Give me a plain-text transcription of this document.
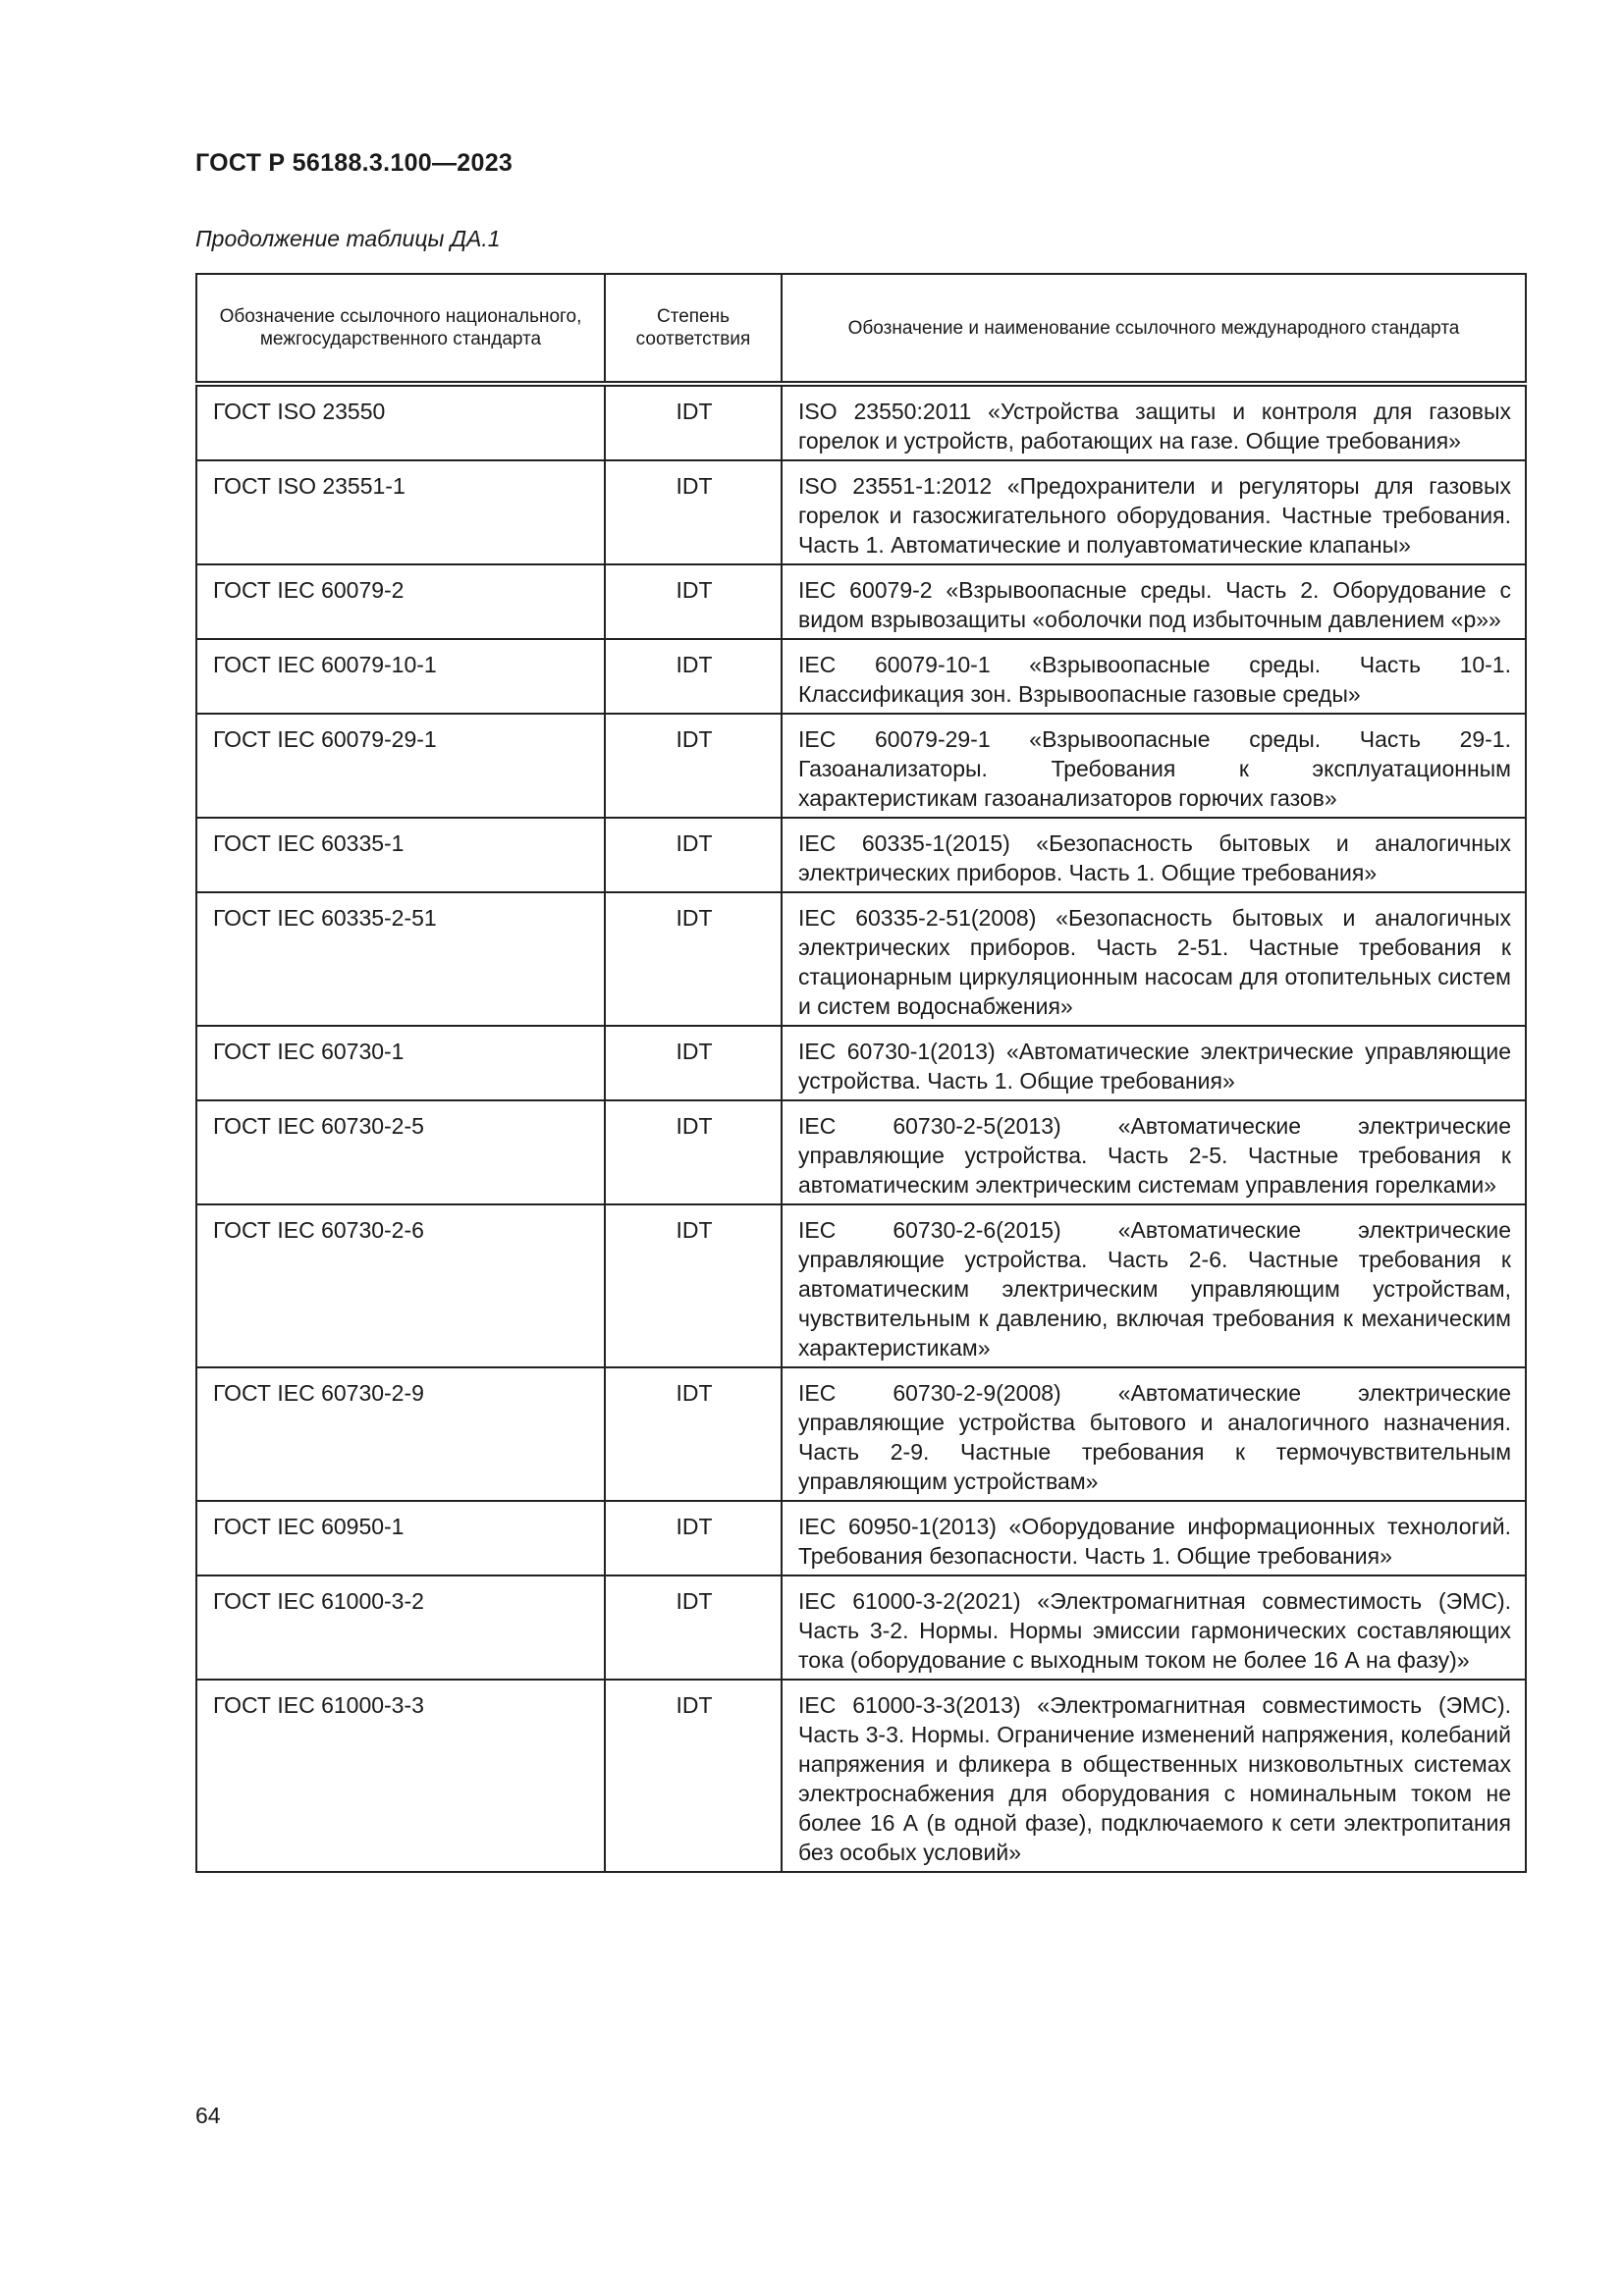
ГОСТ Р 56188.3.100—2023
Продолжение таблицы ДА.1
Обозначение ссылочного национального, межгосударственного стандарта	Степень соответствия	Обозначение и наименование ссылочного международного стандарта
ГОСТ ISO 23550	IDT	ISO 23550:2011 «Устройства защиты и контроля для газовых горелок и устройств, работающих на газе. Общие требования»
ГОСТ ISO 23551-1	IDT	ISO 23551-1:2012 «Предохранители и регуляторы для газовых горелок и газосжигательного оборудования. Частные требования. Часть 1. Автоматические и полуавтоматические клапаны»
ГОСТ IEC 60079-2	IDT	IEC 60079-2 «Взрывоопасные среды. Часть 2. Оборудование с видом взрывозащиты «оболочки под избыточным давлением «р»»
ГОСТ IEC 60079-10-1	IDT	IEC 60079-10-1 «Взрывоопасные среды. Часть 10-1. Классификация зон. Взрывоопасные газовые среды»
ГОСТ IEC 60079-29-1	IDT	IEC 60079-29-1 «Взрывоопасные среды. Часть 29-1. Газоанализаторы. Требования к эксплуатационным характеристикам газоанализаторов горючих газов»
ГОСТ IEC 60335-1	IDT	IEC 60335-1(2015) «Безопасность бытовых и аналогичных электрических приборов. Часть 1. Общие требования»
ГОСТ IEC 60335-2-51	IDT	IEC 60335-2-51(2008) «Безопасность бытовых и аналогичных электрических приборов. Часть 2-51. Частные требования к стационарным циркуляционным насосам для отопительных систем и систем водоснабжения»
ГОСТ IEC 60730-1	IDT	IEC 60730-1(2013) «Автоматические электрические управляющие устройства. Часть 1. Общие требования»
ГОСТ IEC 60730-2-5	IDT	IEC 60730-2-5(2013) «Автоматические электрические управляющие устройства. Часть 2-5. Частные требования к автоматическим электрическим системам управления горелками»
ГОСТ IEC 60730-2-6	IDT	IEC 60730-2-6(2015) «Автоматические электрические управляющие устройства. Часть 2-6. Частные требования к автоматическим электрическим управляющим устройствам, чувствительным к давлению, включая требования к механическим характеристикам»
ГОСТ IEC 60730-2-9	IDT	IEC 60730-2-9(2008) «Автоматические электрические управляющие устройства бытового и аналогичного назначения. Часть 2-9. Частные требования к термочувствительным управляющим устройствам»
ГОСТ IEC 60950-1	IDT	IEC 60950-1(2013) «Оборудование информационных технологий. Требования безопасности. Часть 1. Общие требования»
ГОСТ IEC 61000-3-2	IDT	IEC 61000-3-2(2021) «Электромагнитная совместимость (ЭМС). Часть 3-2. Нормы. Нормы эмиссии гармонических составляющих тока (оборудование с выходным током не более 16 А на фазу)»
ГОСТ IEC 61000-3-3	IDT	IEC 61000-3-3(2013) «Электромагнитная совместимость (ЭМС). Часть 3-3. Нормы. Ограничение изменений напряжения, колебаний напряжения и фликера в общественных низковольтных системах электроснабжения для оборудования с номинальным током не более 16 А (в одной фазе), подключаемого к сети электропитания без особых условий»
64
